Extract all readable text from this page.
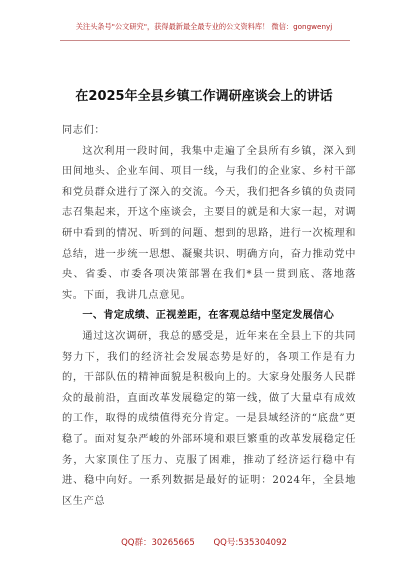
关注头条号"公文研究"，获得最新最全最专业的公文资料库！ 微信：gongwenyj
在2025年全县乡镇工作调研座谈会上的讲话

同志们：

这次利用一段时间，我集中走遍了全县所有乡镇，深入到田间地头、企业车间、项目一线，与我们的企业家、乡村干部和党员群众进行了深入的交流。今天，我们把各乡镇的负责同志召集起来，开这个座谈会，主要目的就是和大家一起，对调研中看到的情况、听到的问题、想到的思路，进行一次梳理和总结，进一步统一思想、凝聚共识、明确方向，奋力推动党中央、省委、市委各项决策部署在我们*县一贯到底、落地落实。下面，我讲几点意见。

一、肯定成绩、正视差距，在客观总结中坚定发展信心

通过这次调研，我总的感受是，近年来在全县上下的共同努力下，我们的经济社会发展态势是好的，各项工作是有力的，干部队伍的精神面貌是积极向上的。大家身处服务人民群众的最前沿，直面改革发展稳定的第一线，做了大量卓有成效的工作，取得的成绩值得充分肯定。一是县域经济的“底盘”更稳了。面对复杂严峻的外部环境和艰巨繁重的改革发展稳定任务，大家顶住了压力、克服了困难，推动了经济运行稳中有进、稳中向好。一系列数据是最好的证明：2024年，全县地区生产总

QQ群：30265665 QQ号:535304092
